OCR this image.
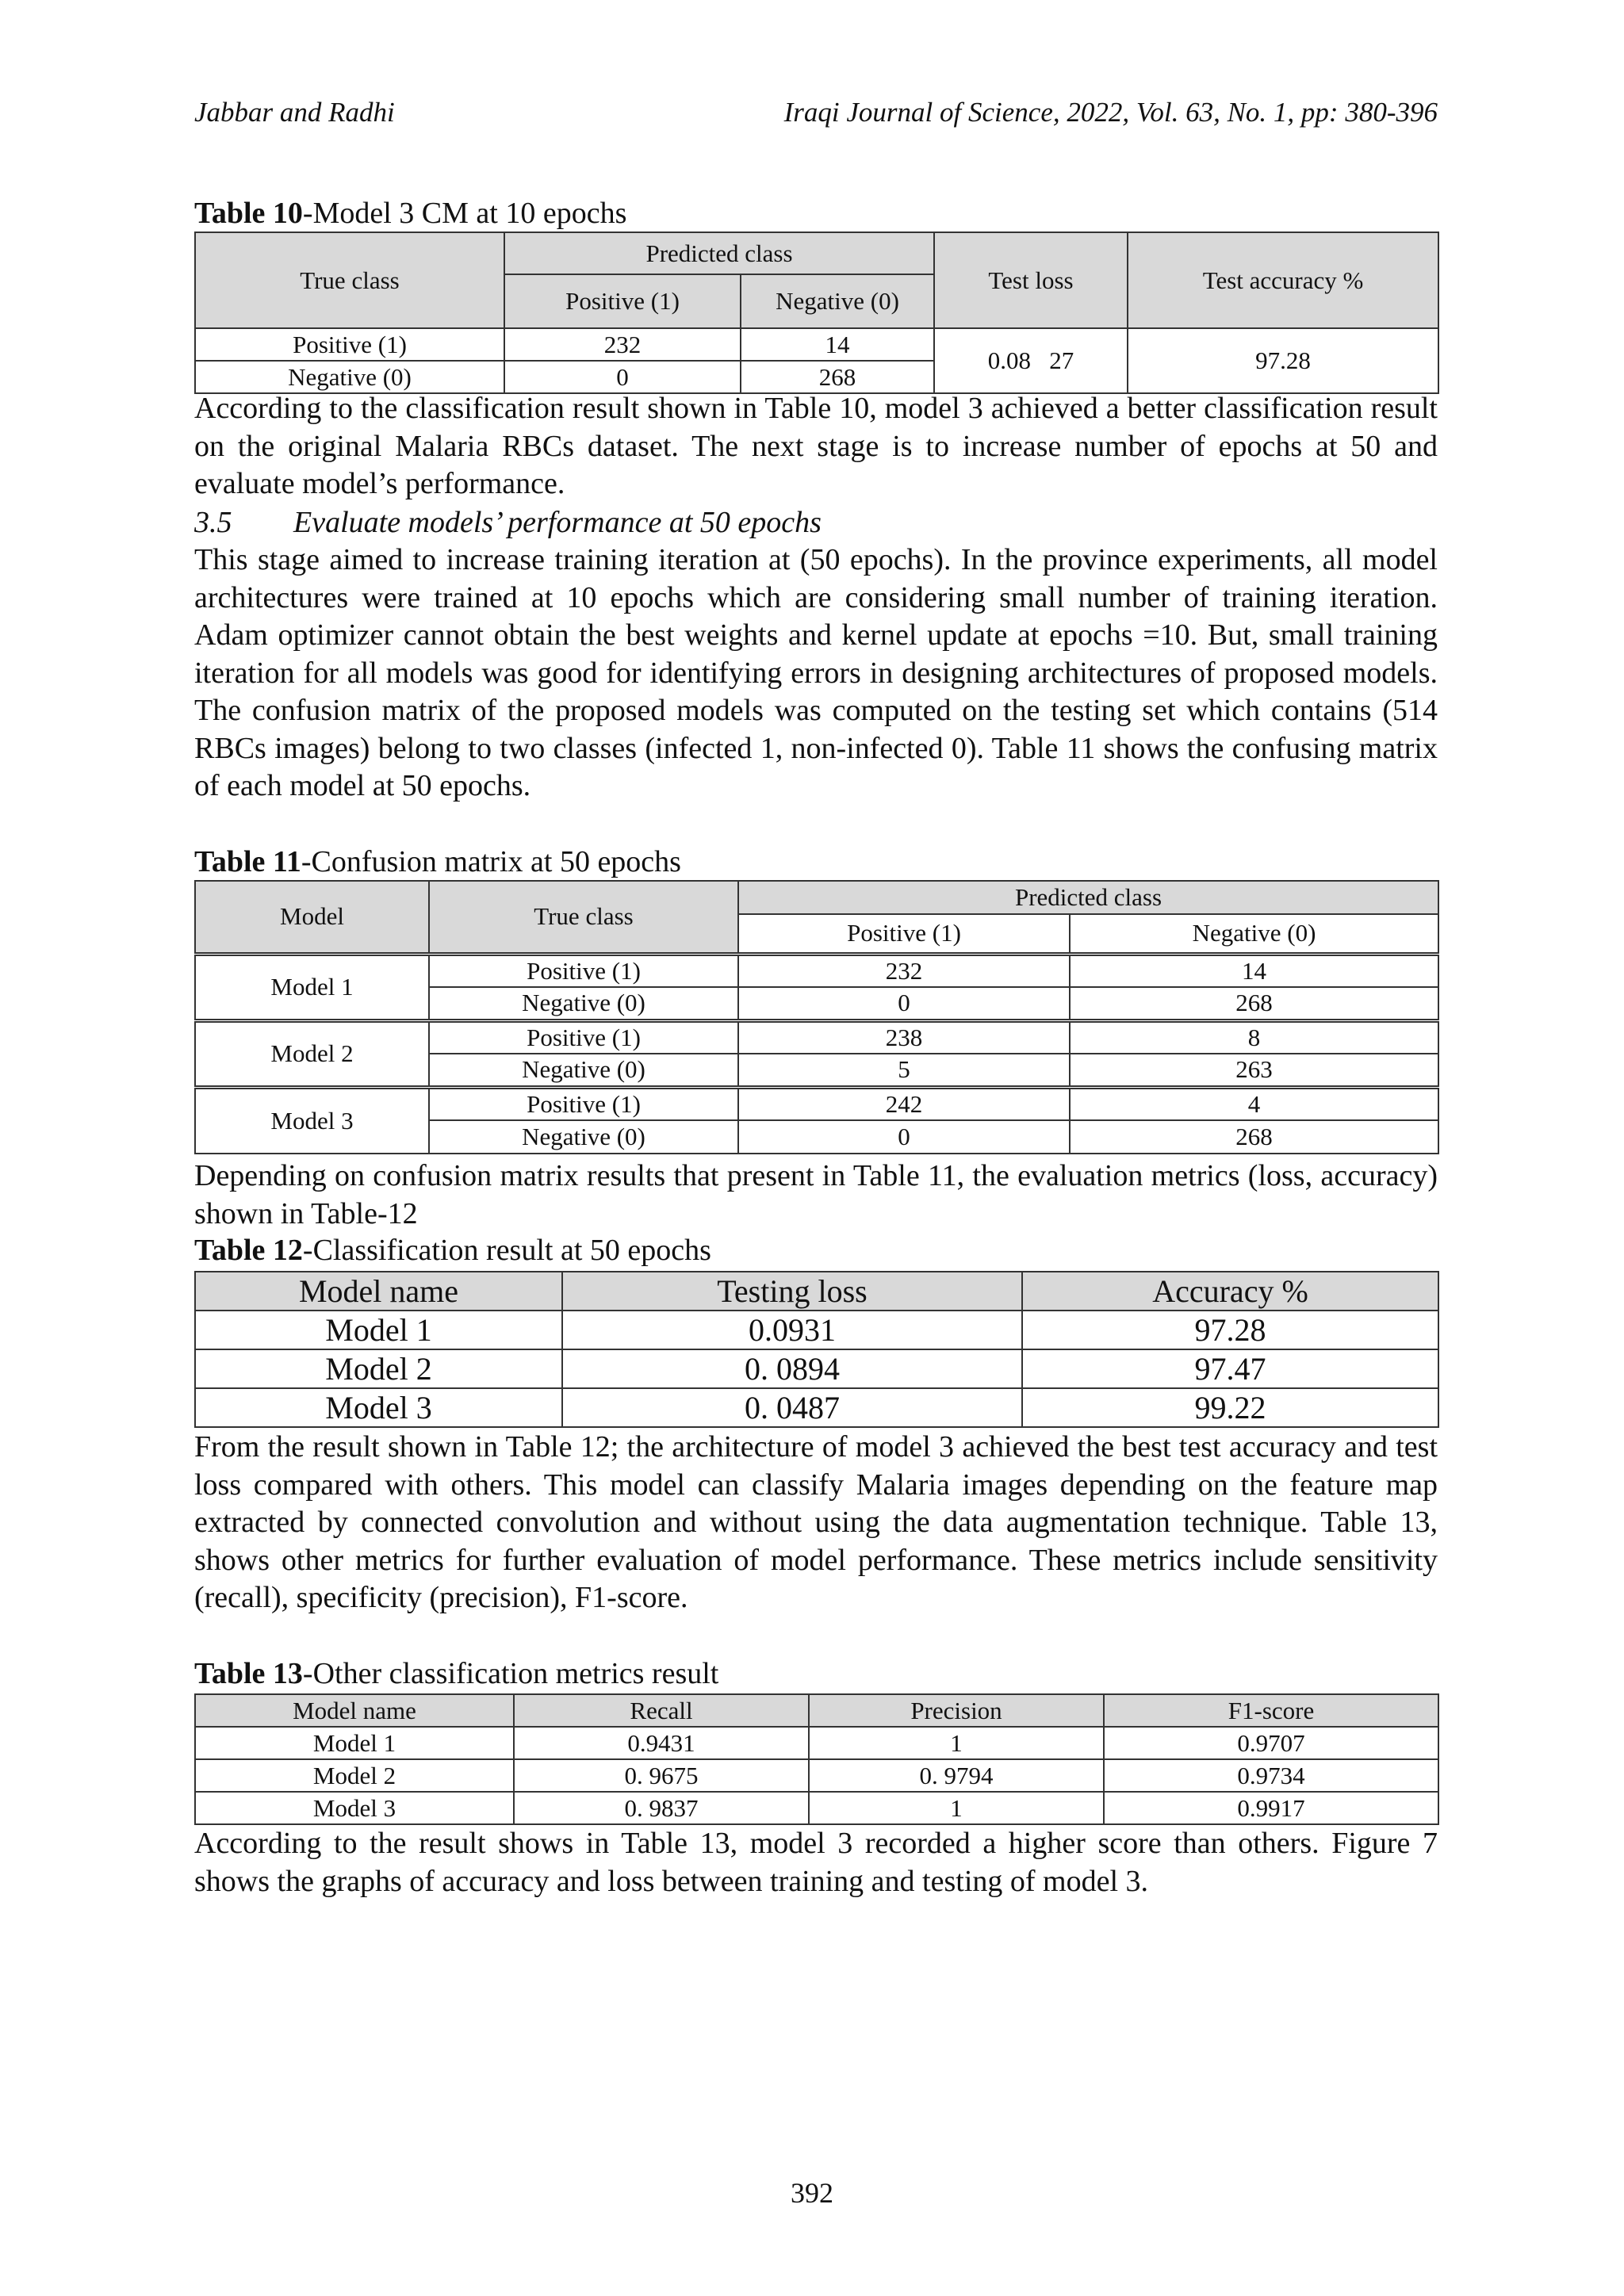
Jabbar and Radhi	Iraqi Journal of Science, 2022, Vol. 63, No. 1, pp: 380-396
Table 10-Model 3 CM at 10 epochs
True class	Predicted class		Test loss	Test accuracy %
	Positive (1)	Negative (0)		
Positive (1)	232	14	0.08   27	97.28
Negative (0)	0	268		

According to the classification result shown in Table 10, model 3 achieved a better classification result on the original Malaria RBCs dataset. The next stage is to increase number of epochs at 50 and evaluate model’s performance.

3.5 Evaluate models’ performance at 50 epochs

This stage aimed to increase training iteration at (50 epochs). In the province experiments, all model architectures were trained at 10 epochs which are considering small number of training iteration. Adam optimizer cannot obtain the best weights and kernel update at epochs =10. But, small training iteration for all models was good for identifying errors in designing architectures of proposed models. The confusion matrix of the proposed models was computed on the testing set which contains (514 RBCs images) belong to two classes (infected 1, non-infected 0). Table 11 shows the confusing matrix of each model at 50 epochs.

Table 11-Confusion matrix at 50 epochs
Model	True class	Predicted class	
		Positive (1)	Negative (0)
Model 1	Positive (1)	232	14
	Negative (0)	0	268
Model 2	Positive (1)	238	8
	Negative (0)	5	263
Model 3	Positive (1)	242	4
	Negative (0)	0	268

Depending on confusion matrix results that present in Table 11, the evaluation metrics (loss, accuracy) shown in Table-12

Table 12-Classification result at 50 epochs
Model name	Testing loss	Accuracy %
Model 1	0.0931	97.28
Model 2	0. 0894	97.47
Model 3	0. 0487	99.22

From the result shown in Table 12; the architecture of model 3 achieved the best test accuracy and test loss compared with others. This model can classify Malaria images depending on the feature map extracted by connected convolution and without using the data augmentation technique. Table 13, shows other metrics for further evaluation of model performance. These metrics include sensitivity (recall), specificity (precision), F1-score.

Table 13-Other classification metrics result
Model name	Recall	Precision	F1-score
Model 1	0.9431	1	0.9707
Model 2	0. 9675	0. 9794	0.9734
Model 3	0. 9837	1	0.9917

According to the result shows in Table 13, model 3 recorded a higher score than others. Figure 7 shows the graphs of accuracy and loss between training and testing of model 3.

392
